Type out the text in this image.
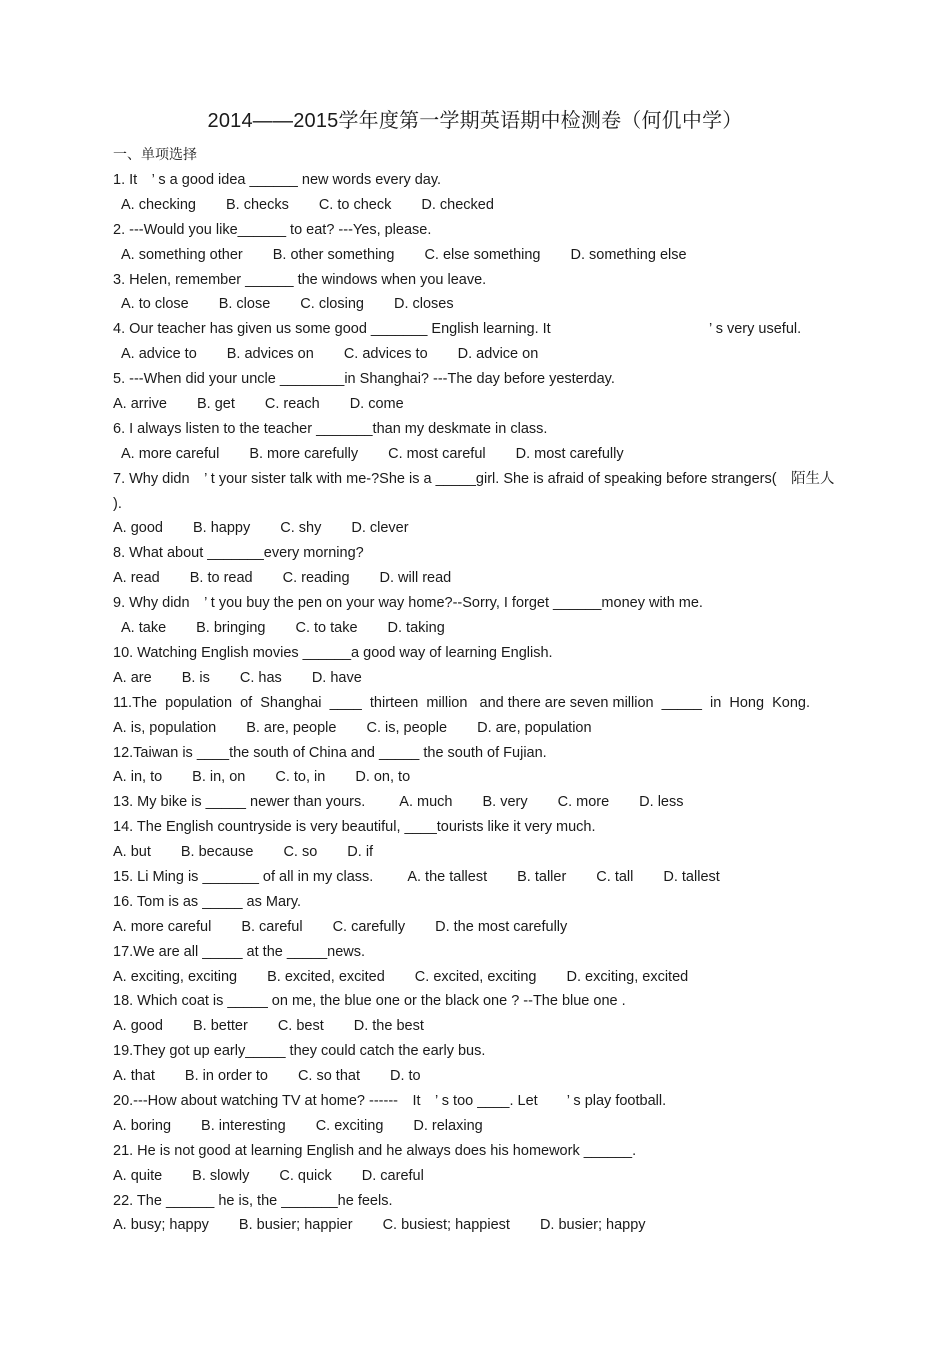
2014——2015学年度第一学期英语期中检测卷（何仉中学）
一、单项选择
1. It　’ s a good idea ______ new words every day.
A. checking B. checks C. to check D. checked
2. ---Would you like______ to eat? ---Yes, please.
A. something other B. other something C. else something D. something else
3. Helen, remember ______ the windows when you leave.
A. to close B. close C. closing D. closes
4. Our teacher has given us some good _______ English learning. It	’ s very useful.
A. advice to B. advices on C. advices to D. advice on
5. ---When did your uncle ________in Shanghai? ---The day before yesterday.
A. arrive B. get C. reach D. come
6. I always listen to the teacher _______than my deskmate in class.
A. more careful B. more carefully C. most careful D. most carefully
7. Why didn　’ t your sister talk with me-?She is a _____girl. She is afraid of speaking before strangers(　陌生人 ).
A. good B. happy C. shy D. clever
8. What about _______every morning?
A. read B. to read C. reading D. will read
9. Why didn　’ t you buy the pen on your way home?--Sorry, I forget ______money with me.
A. take B. bringing C. to take D. taking
10. Watching English movies ______a good way of learning English.
A. are B. is C. has D. have
11.The  population  of  Shanghai  ____  thirteen  million   and there are seven million  _____  in  Hong  Kong.
A. is, population B. are, people C. is, people D. are, population
12.Taiwan is ____the south of China and _____ the south of Fujian.
A. in, to B. in, on C. to, in D. on, to
13. My bike is _____ newer than yours. A. much B. very C. more D. less
14. The English countryside is very beautiful, ____tourists like it very much.
A. but B. because C. so D. if
15. Li Ming is _______ of all in my class. A. the tallest B. taller C. tall D. tallest
16. Tom is as _____ as Mary.
A. more careful B. careful C. carefully D. the most carefully
17.We are all _____ at the _____news.
A. exciting, exciting B. excited, excited C. excited, exciting D. exciting, excited
18. Which coat is _____ on me, the blue one or the black one ? --The blue one .
A. good B. better C. best D. the best
19.They got up early_____ they could catch the early bus.
A. that B. in order to C. so that D. to
20.---How about watching TV at home? ------　It　’ s too ____. Let　　’ s play football.
A. boring B. interesting C. exciting D. relaxing
21. He is not good at learning English and he always does his homework ______.
A. quite B. slowly C. quick D. careful
22. The ______ he is, the _______he feels.
A. busy; happy B. busier; happier C. busiest; happiest D. busier; happy
